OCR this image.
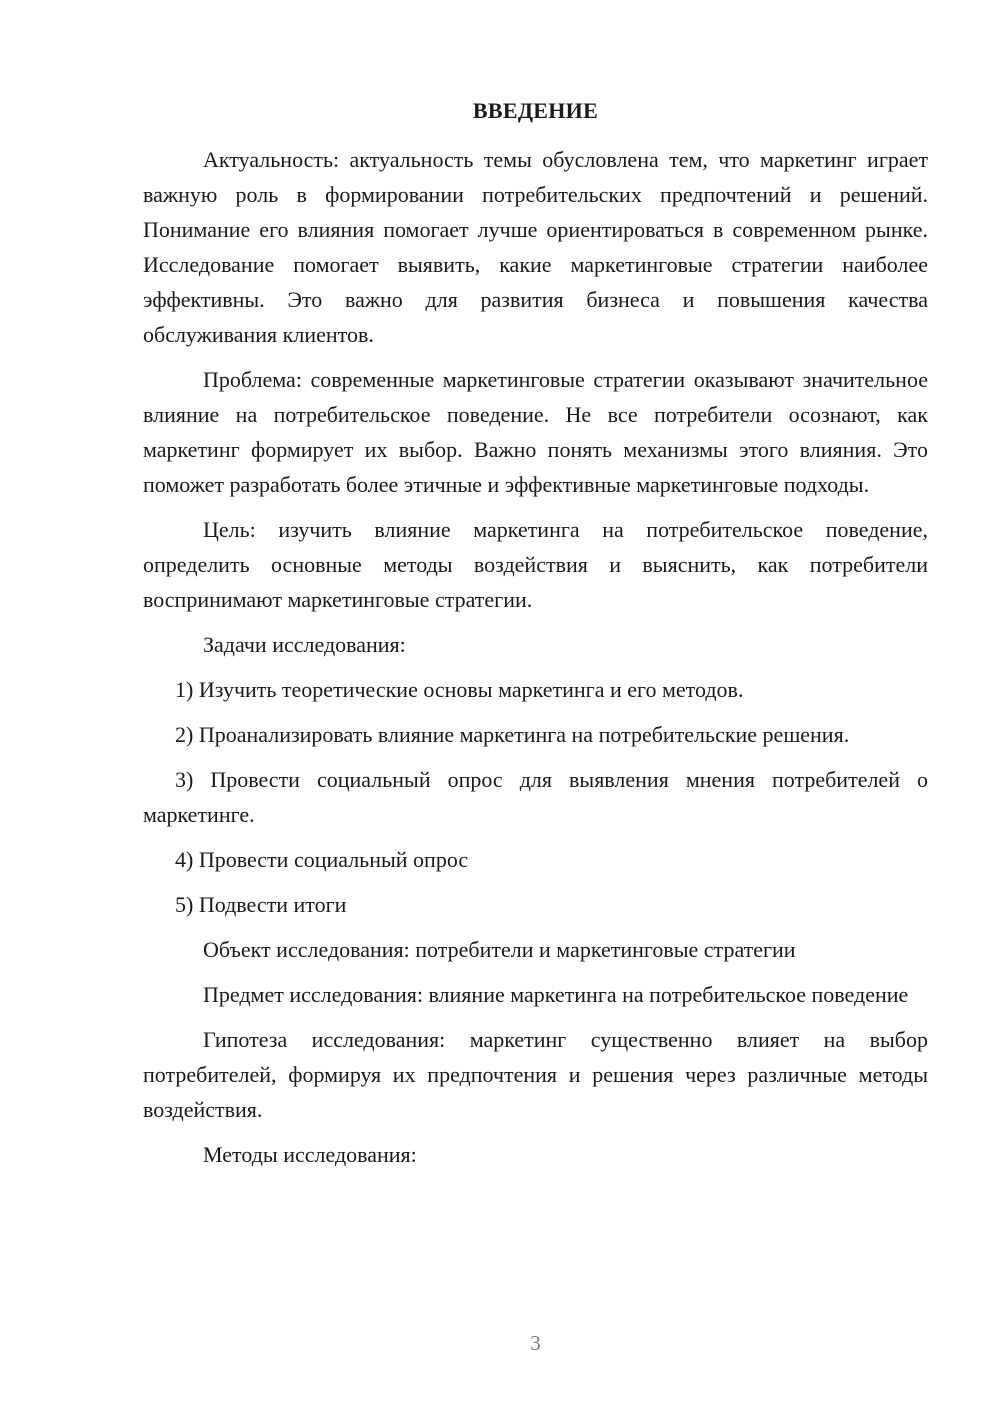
ВВЕДЕНИЕ

Актуальность: актуальность темы обусловлена тем, что маркетинг играет важную роль в формировании потребительских предпочтений и решений. Понимание его влияния помогает лучше ориентироваться в современном рынке. Исследование помогает выявить, какие маркетинговые стратегии наиболее эффективны. Это важно для развития бизнеса и повышения качества обслуживания клиентов.

Проблема: современные маркетинговые стратегии оказывают значительное влияние на потребительское поведение. Не все потребители осознают, как маркетинг формирует их выбор. Важно понять механизмы этого влияния. Это поможет разработать более этичные и эффективные маркетинговые подходы.

Цель: изучить влияние маркетинга на потребительское поведение, определить основные методы воздействия и выяснить, как потребители воспринимают маркетинговые стратегии.

Задачи исследования:

1) Изучить теоретические основы маркетинга и его методов.

2) Проанализировать влияние маркетинга на потребительские решения.

3) Провести социальный опрос для выявления мнения потребителей о маркетинге.

4) Провести социальный опрос

5) Подвести итоги

Объект исследования: потребители и маркетинговые стратегии

Предмет исследования: влияние маркетинга на потребительское поведение

Гипотеза исследования: маркетинг существенно влияет на выбор потребителей, формируя их предпочтения и решения через различные методы воздействия.

Методы исследования:

3
